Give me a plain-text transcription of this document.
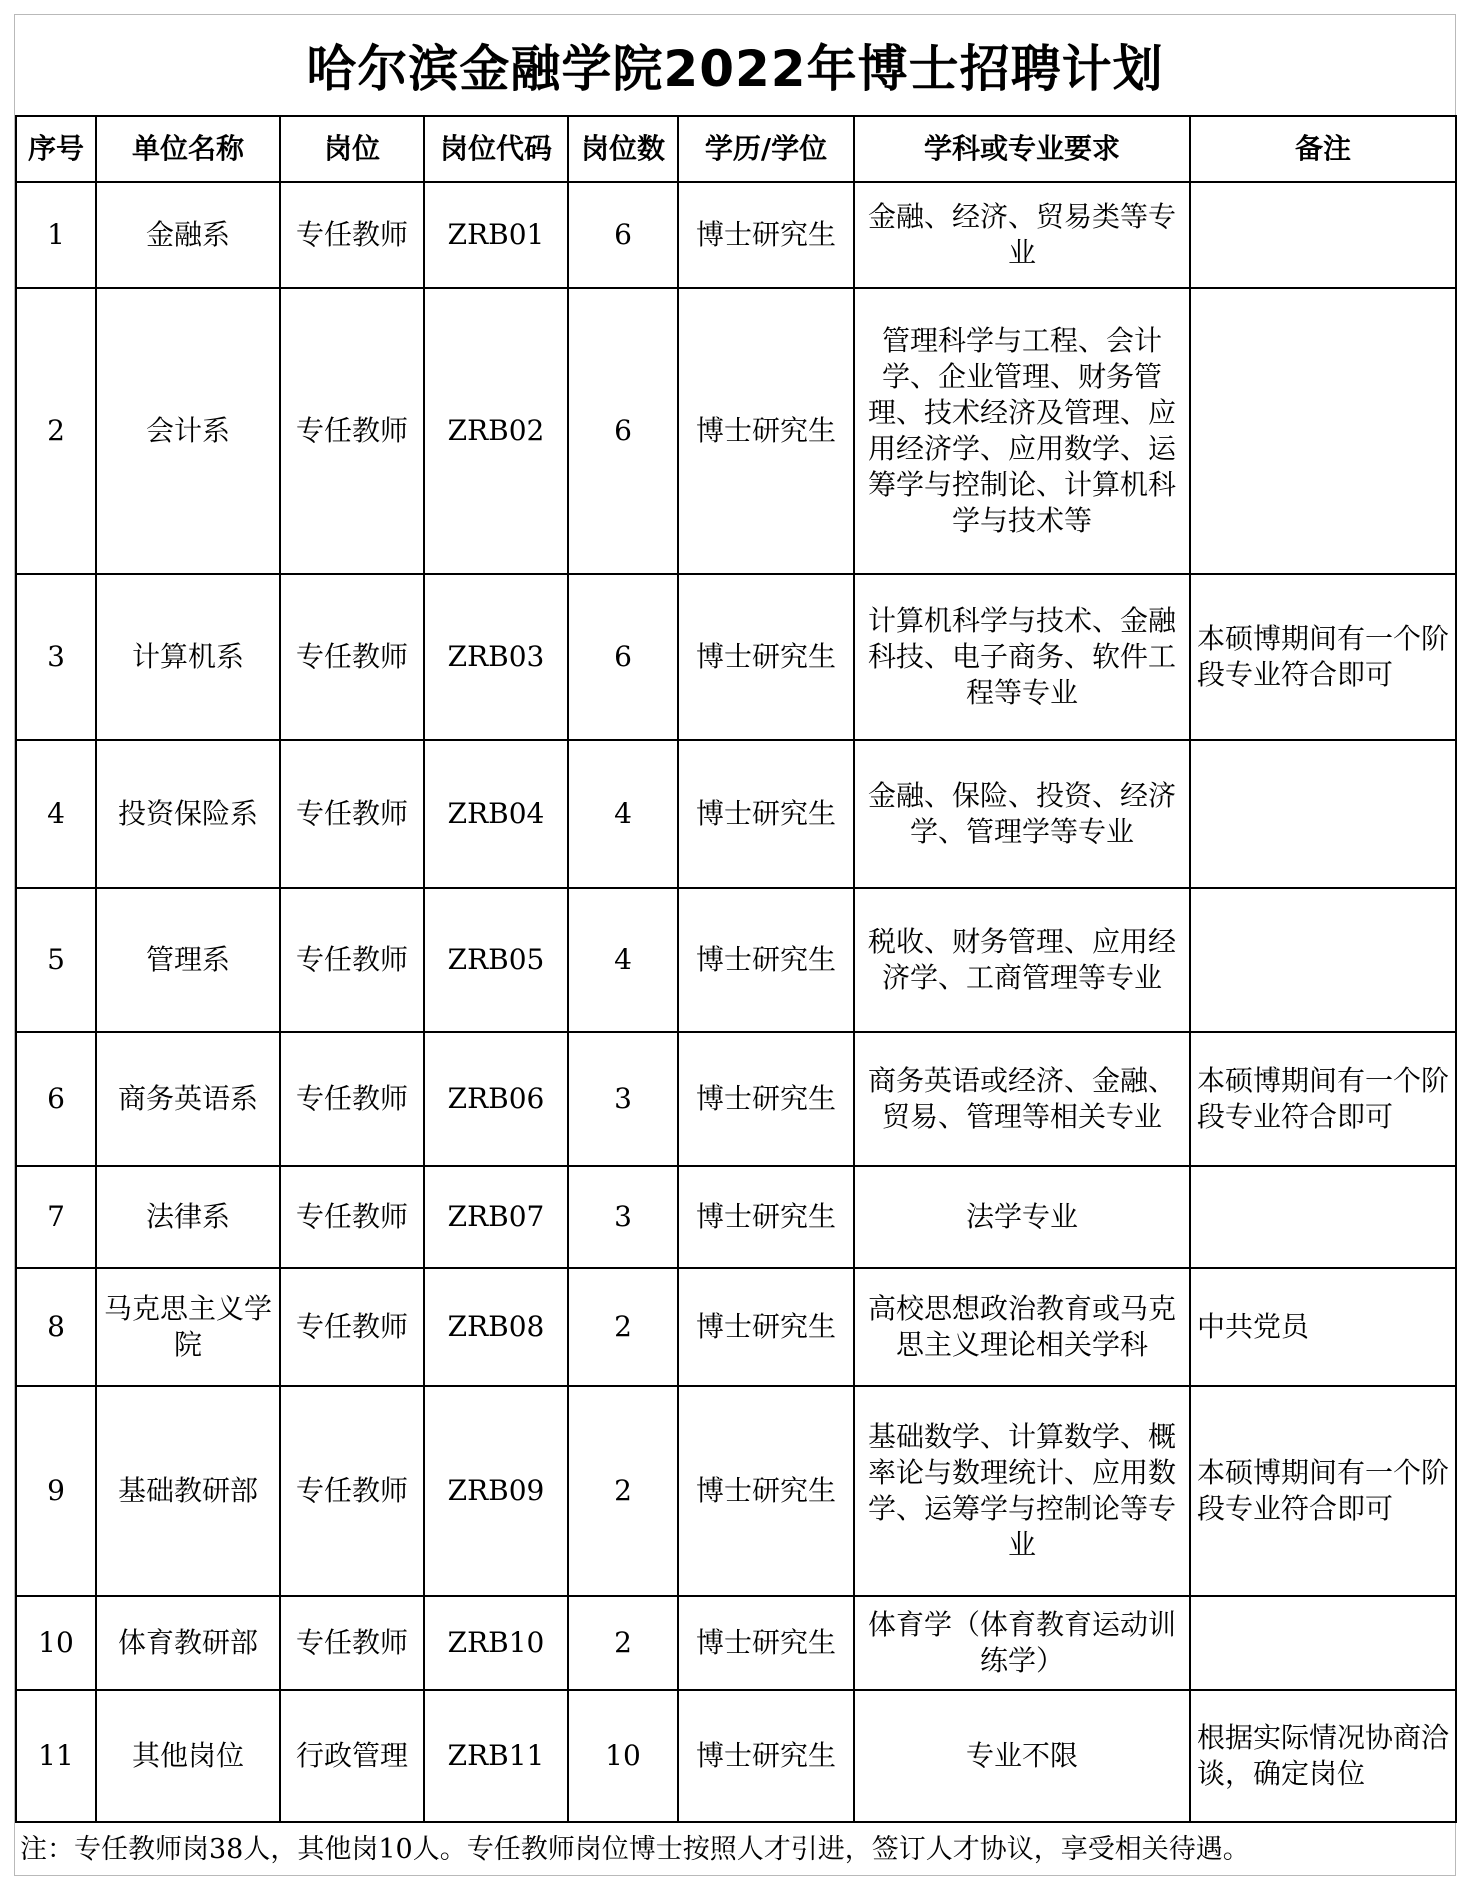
哈尔滨金融学院2022年博士招聘计划
序号	单位名称	岗位	岗位代码	岗位数	学历/学位	学科或专业要求	备注
1	金融系	专任教师	ZRB01	6	博士研究生	金融、经济、贸易类等专业	
2	会计系	专任教师	ZRB02	6	博士研究生	管理科学与工程、会计学、企业管理、财务管理、技术经济及管理、应用经济学、应用数学、运筹学与控制论、计算机科学与技术等	
3	计算机系	专任教师	ZRB03	6	博士研究生	计算机科学与技术、金融科技、电子商务、软件工程等专业	本硕博期间有一个阶段专业符合即可
4	投资保险系	专任教师	ZRB04	4	博士研究生	金融、保险、投资、经济学、管理学等专业	
5	管理系	专任教师	ZRB05	4	博士研究生	税收、财务管理、应用经济学、工商管理等专业	
6	商务英语系	专任教师	ZRB06	3	博士研究生	商务英语或经济、金融、贸易、管理等相关专业	本硕博期间有一个阶段专业符合即可
7	法律系	专任教师	ZRB07	3	博士研究生	法学专业	
8	马克思主义学院	专任教师	ZRB08	2	博士研究生	高校思想政治教育或马克思主义理论相关学科	中共党员
9	基础教研部	专任教师	ZRB09	2	博士研究生	基础数学、计算数学、概率论与数理统计、应用数学、运筹学与控制论等专业	本硕博期间有一个阶段专业符合即可
10	体育教研部	专任教师	ZRB10	2	博士研究生	体育学（体育教育运动训练学）	
11	其他岗位	行政管理	ZRB11	10	博士研究生	专业不限	根据实际情况协商洽谈，确定岗位
注：专任教师岗38人，其他岗10人。专任教师岗位博士按照人才引进，签订人才协议，享受相关待遇。
